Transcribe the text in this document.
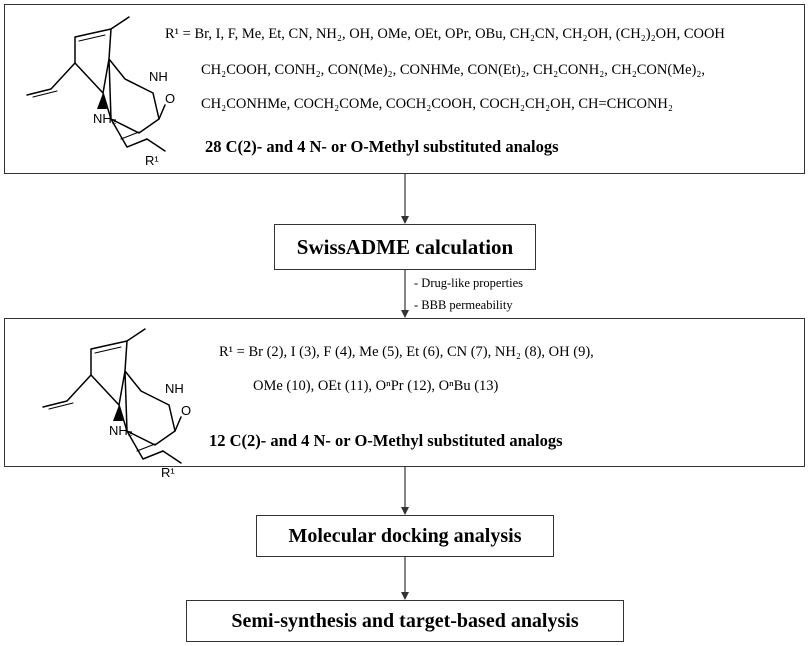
NH
NH₂
O
R¹
R¹ = Br, I, F, Me, Et, CN, NH₂, OH, OMe, OEt, OPr, OBu, CH₂CN, CH₂OH, (CH₂)₂OH, COOH
CH₂COOH, CONH₂, CON(Me)₂, CONHMe, CON(Et)₂, CH₂CONH₂, CH₂CON(Me)₂,
CH₂CONHMe, COCH₂COMe, COCH₂COOH, COCH₂CH₂OH, CH=CHCONH₂
28 C(2)- and 4 N- or O-Methyl substituted analogs
SwissADME calculation
- Drug-like properties
- BBB permeability
NH
NH₂
O
R¹
R¹ = Br (2), I (3), F (4), Me (5), Et (6), CN (7), NH₂ (8), OH (9),
OMe (10), OEt (11), OⁿPr (12), OⁿBu (13)
12 C(2)- and 4 N- or O-Methyl substituted analogs
Molecular docking analysis
Semi-synthesis and target-based analysis
